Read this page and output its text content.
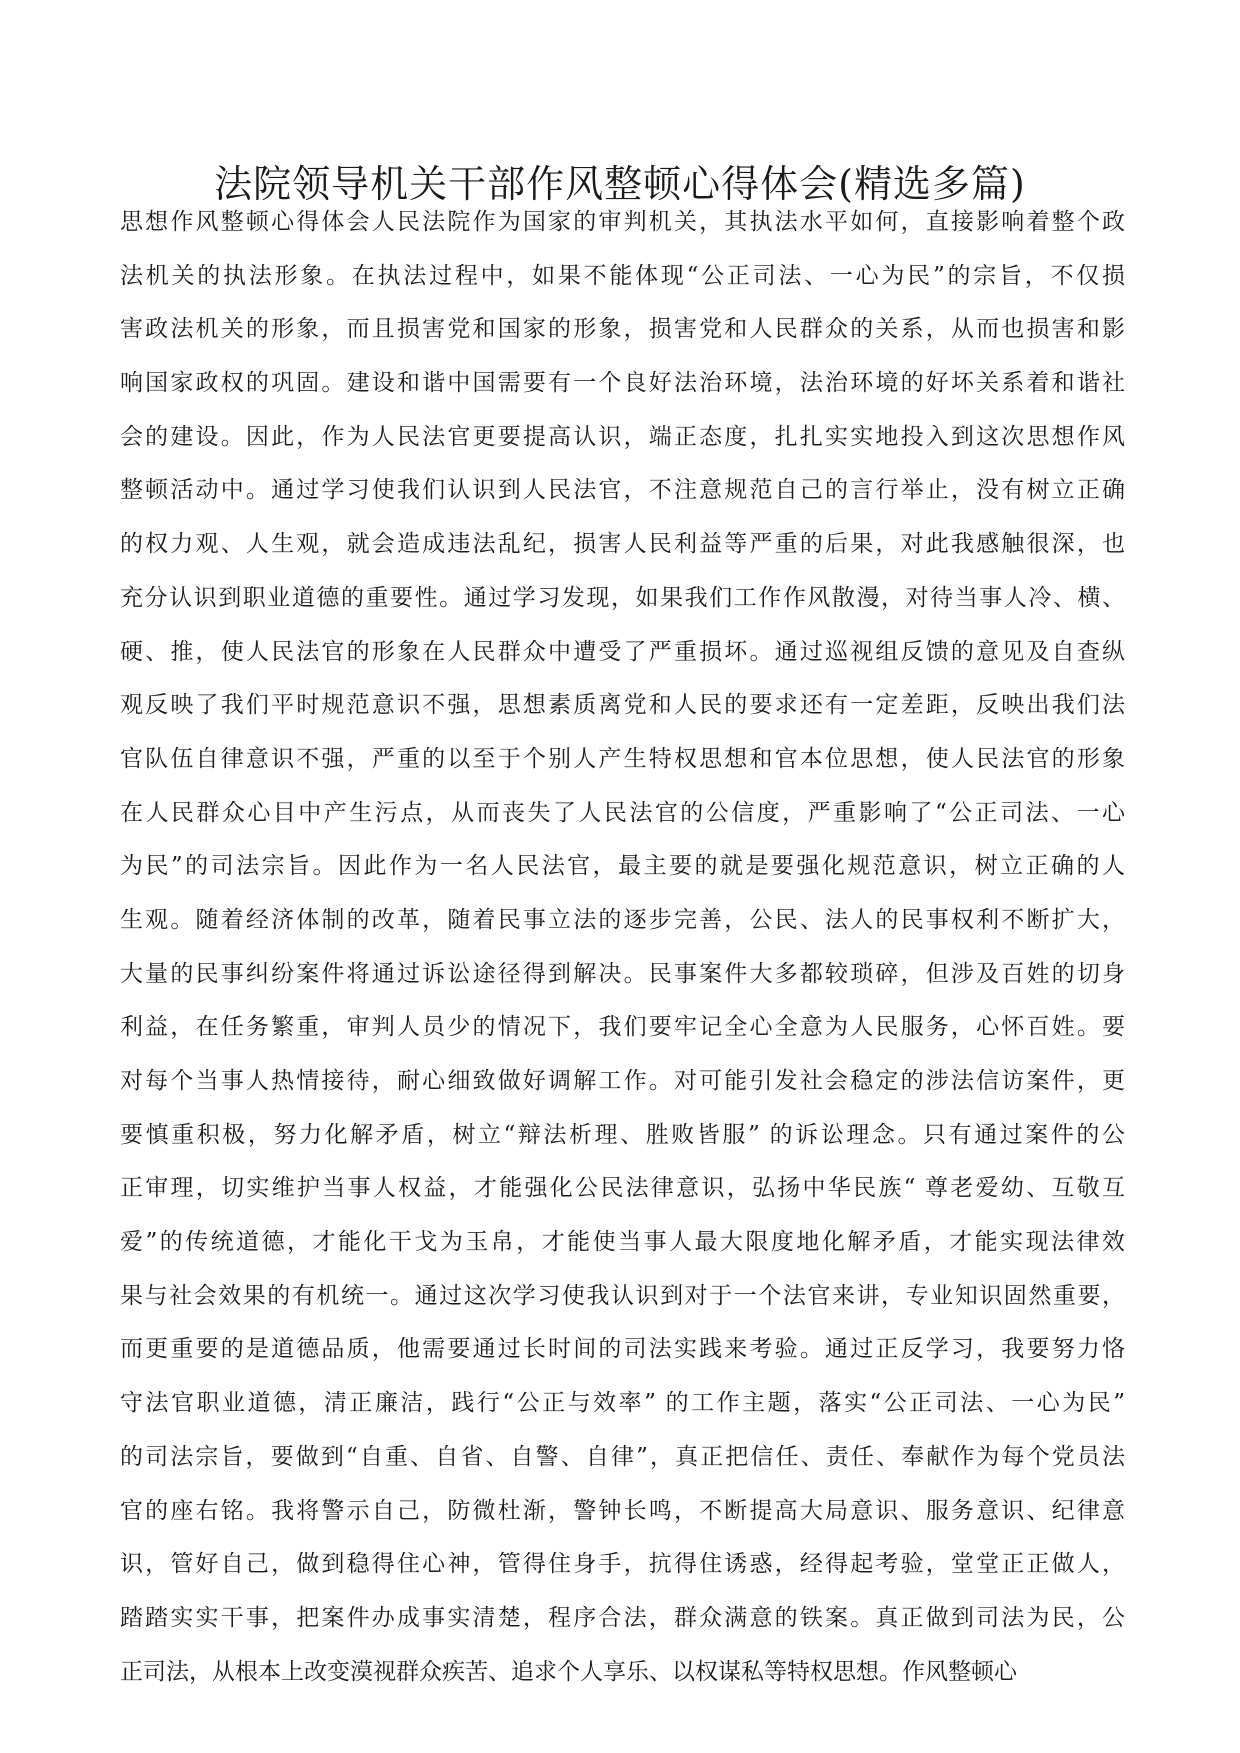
法院领导机关干部作风整顿心得体会(精选多篇)
思想作风整顿心得体会人民法院作为国家的审判机关，其执法水平如何，直接影响着整个政
法机关的执法形象。在执法过程中，如果不能体现“公正司法、一心为民”的宗旨，不仅损
害政法机关的形象，而且损害党和国家的形象，损害党和人民群众的关系，从而也损害和影
响国家政权的巩固。建设和谐中国需要有一个良好法治环境，法治环境的好坏关系着和谐社
会的建设。因此，作为人民法官更要提高认识，端正态度，扎扎实实地投入到这次思想作风
整顿活动中。通过学习使我们认识到人民法官，不注意规范自己的言行举止，没有树立正确
的权力观、人生观，就会造成违法乱纪，损害人民利益等严重的后果，对此我感触很深，也
充分认识到职业道德的重要性。通过学习发现，如果我们工作作风散漫，对待当事人冷、横、
硬、推，使人民法官的形象在人民群众中遭受了严重损坏。通过巡视组反馈的意见及自查纵
观反映了我们平时规范意识不强，思想素质离党和人民的要求还有一定差距，反映出我们法
官队伍自律意识不强，严重的以至于个别人产生特权思想和官本位思想，使人民法官的形象
在人民群众心目中产生污点，从而丧失了人民法官的公信度，严重影响了“公正司法、一心
为民”的司法宗旨。因此作为一名人民法官，最主要的就是要强化规范意识，树立正确的人
生观。随着经济体制的改革，随着民事立法的逐步完善，公民、法人的民事权利不断扩大，
大量的民事纠纷案件将通过诉讼途径得到解决。民事案件大多都较琐碎，但涉及百姓的切身
利益，在任务繁重，审判人员少的情况下，我们要牢记全心全意为人民服务，心怀百姓。要
对每个当事人热情接待，耐心细致做好调解工作。对可能引发社会稳定的涉法信访案件，更
要慎重积极，努力化解矛盾，树立“辩法析理、胜败皆服” 的诉讼理念。只有通过案件的公
正审理，切实维护当事人权益，才能强化公民法律意识，弘扬中华民族“ 尊老爱幼、互敬互
爱”的传统道德，才能化干戈为玉帛，才能使当事人最大限度地化解矛盾，才能实现法律效
果与社会效果的有机统一。通过这次学习使我认识到对于一个法官来讲，专业知识固然重要，
而更重要的是道德品质，他需要通过长时间的司法实践来考验。通过正反学习，我要努力恪
守法官职业道德，清正廉洁，践行“公正与效率” 的工作主题，落实“公正司法、一心为民”
的司法宗旨，要做到“自重、自省、自警、自律”，真正把信任、责任、奉献作为每个党员法
官的座右铭。我将警示自己，防微杜渐，警钟长鸣，不断提高大局意识、服务意识、纪律意
识，管好自己，做到稳得住心神，管得住身手，抗得住诱惑，经得起考验，堂堂正正做人，
踏踏实实干事，把案件办成事实清楚，程序合法，群众满意的铁案。真正做到司法为民，公
正司法，从根本上改变漠视群众疾苦、追求个人享乐、以权谋私等特权思想。作风整顿心
